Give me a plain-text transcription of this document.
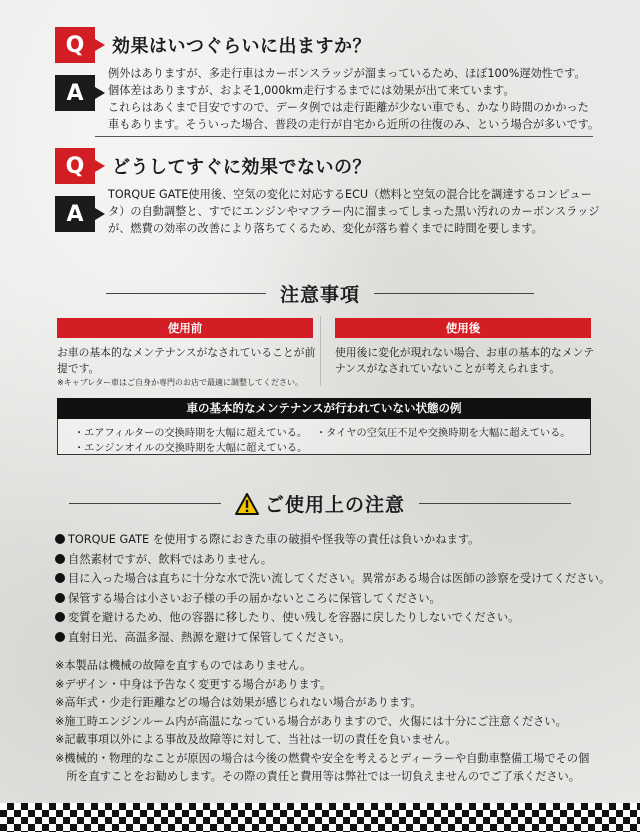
Q	効果はいつぐらいに出ますか？
A

例外はありますが、多走行車はカーボンスラッジが溜まっているため、ほぼ100%遅効性です。

個体差はありますが、およそ1,000km走行するまでには効果が出て来ています。

これらはあくまで目安ですので、データ例では走行距離が少ない車でも、かなり時間のかかった

車もあります。そういった場合、普段の走行が自宅から近所の往復のみ、という場合が多いです。

Q	どうしてすぐに効果でないの？
A

TORQUE GATE使用後、空気の変化に対応するECU（燃料と空気の混合比を調達するコンピュー

タ）の自動調整と、すでにエンジンやマフラー内に溜まってしまった黒い汚れのカーボンスラッジ

が、燃費の効率の改善により落ちてくるため、変化が落ち着くまでに時間を要します。

注意事項
使用前	使用後

お車の基本的なメンテナンスがなされていることが前

提です。

※キャブレター車はご自身か専門のお店で最適に調整してください。

使用後に変化が現れない場合、お車の基本的なメンテ

ナンスがなされていないことが考えられます。

車の基本的なメンテナンスが行われていない状態の例
・エアフィルターの交換時期を大幅に超えている。 ・タイヤの空気圧不足や交換時期を大幅に超えている。
・エンジンオイルの交換時期を大幅に超えている。
ご使用上の注意
TORQUE GATE を使用する際におきた車の破損や怪我等の責任は負いかねます。
自然素材ですが、飲料ではありません。
目に入った場合は直ちに十分な水で洗い流してください。異常がある場合は医師の診察を受けてください。
保管する場合は小さいお子様の手の届かないところに保管してください。
変質を避けるため、他の容器に移したり、使い残しを容器に戻したりしないでください。
直射日光、高温多湿、熱源を避けて保管してください。
※本製品は機械の故障を直すものではありません。
※デザイン・中身は予告なく変更する場合があります。
※高年式・少走行距離などの場合は効果が感じられない場合があります。
※施工時エンジンルーム内が高温になっている場合がありますので、火傷には十分にご注意ください。
※記載事項以外による事故及故障等に対して、当社は一切の責任を負いません。
※機械的・物理的なことが原因の場合は今後の燃費や安全を考えるとディーラーや自動車整備工場でその個
　所を直すことをお勧めします。その際の責任と費用等は弊社では一切負えませんのでご了承ください。
